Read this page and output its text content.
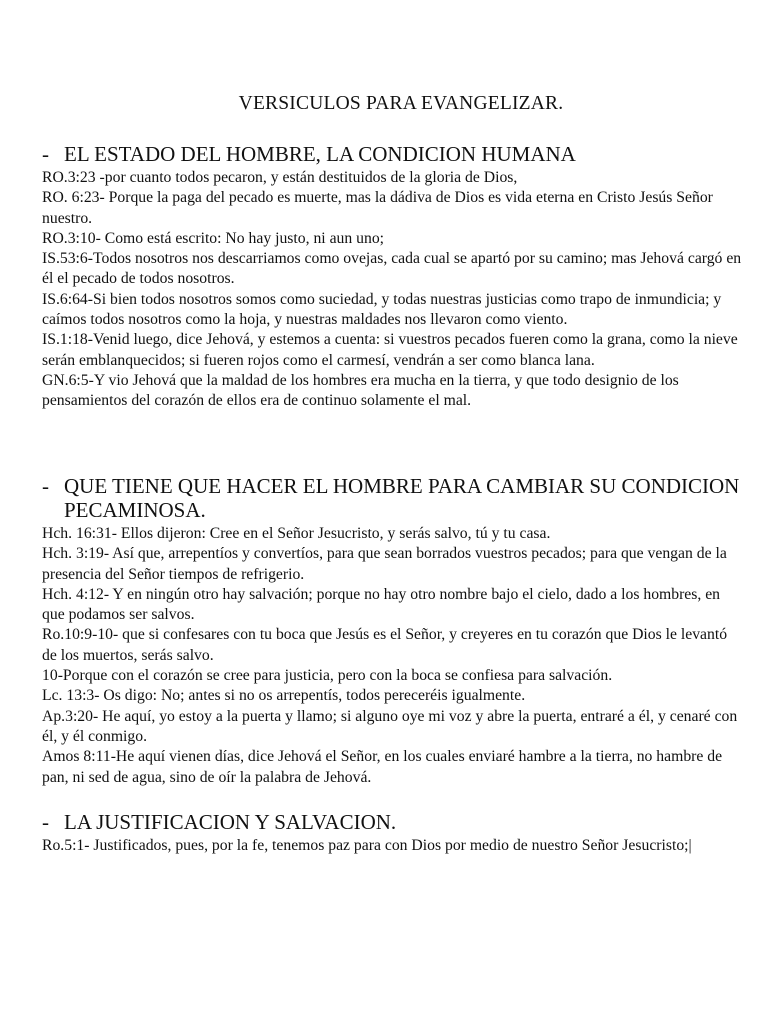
VERSICULOS PARA EVANGELIZAR.
- EL ESTADO DEL HOMBRE, LA CONDICION HUMANA

RO.3:23 -por cuanto todos pecaron, y están destituidos de la gloria de Dios,

RO. 6:23- Porque la paga del pecado es muerte, mas la dádiva de Dios es vida eterna en Cristo Jesús Señor nuestro.

RO.3:10- Como está escrito: No hay justo, ni aun uno;

IS.53:6-Todos nosotros nos descarriamos como ovejas, cada cual se apartó por su camino; mas Jehová cargó en él el pecado de todos nosotros.

IS.6:64-Si bien todos nosotros somos como suciedad, y todas nuestras justicias como trapo de inmundicia; y caímos todos nosotros como la hoja, y nuestras maldades nos llevaron como viento.

IS.1:18-Venid luego, dice Jehová, y estemos a cuenta: si vuestros pecados fueren como la grana, como la nieve serán emblanquecidos; si fueren rojos como el carmesí, vendrán a ser como blanca lana.

GN.6:5-Y vio Jehová que la maldad de los hombres era mucha en la tierra, y que todo designio de los pensamientos del corazón de ellos era de continuo solamente el mal.

- QUE TIENE QUE HACER EL HOMBRE PARA CAMBIAR SU CONDICION PECAMINOSA.

Hch. 16:31- Ellos dijeron: Cree en el Señor Jesucristo, y serás salvo, tú y tu casa.

Hch. 3:19- Así que, arrepentíos y convertíos, para que sean borrados vuestros pecados; para que vengan de la presencia del Señor tiempos de refrigerio.

Hch. 4:12- Y en ningún otro hay salvación; porque no hay otro nombre bajo el cielo, dado a los hombres, en que podamos ser salvos.

Ro.10:9-10- que si confesares con tu boca que Jesús es el Señor, y creyeres en tu corazón que Dios le levantó de los muertos, serás salvo.

10-Porque con el corazón se cree para justicia, pero con la boca se confiesa para salvación.

Lc. 13:3- Os digo: No; antes si no os arrepentís, todos pereceréis igualmente.

Ap.3:20- He aquí, yo estoy a la puerta y llamo; si alguno oye mi voz y abre la puerta, entraré a él, y cenaré con él, y él conmigo.

Amos 8:11-He aquí vienen días, dice Jehová el Señor, en los cuales enviaré hambre a la tierra, no hambre de pan, ni sed de agua, sino de oír la palabra de Jehová.

- LA JUSTIFICACION Y SALVACION.

Ro.5:1- Justificados, pues, por la fe, tenemos paz para con Dios por medio de nuestro Señor Jesucristo;|
